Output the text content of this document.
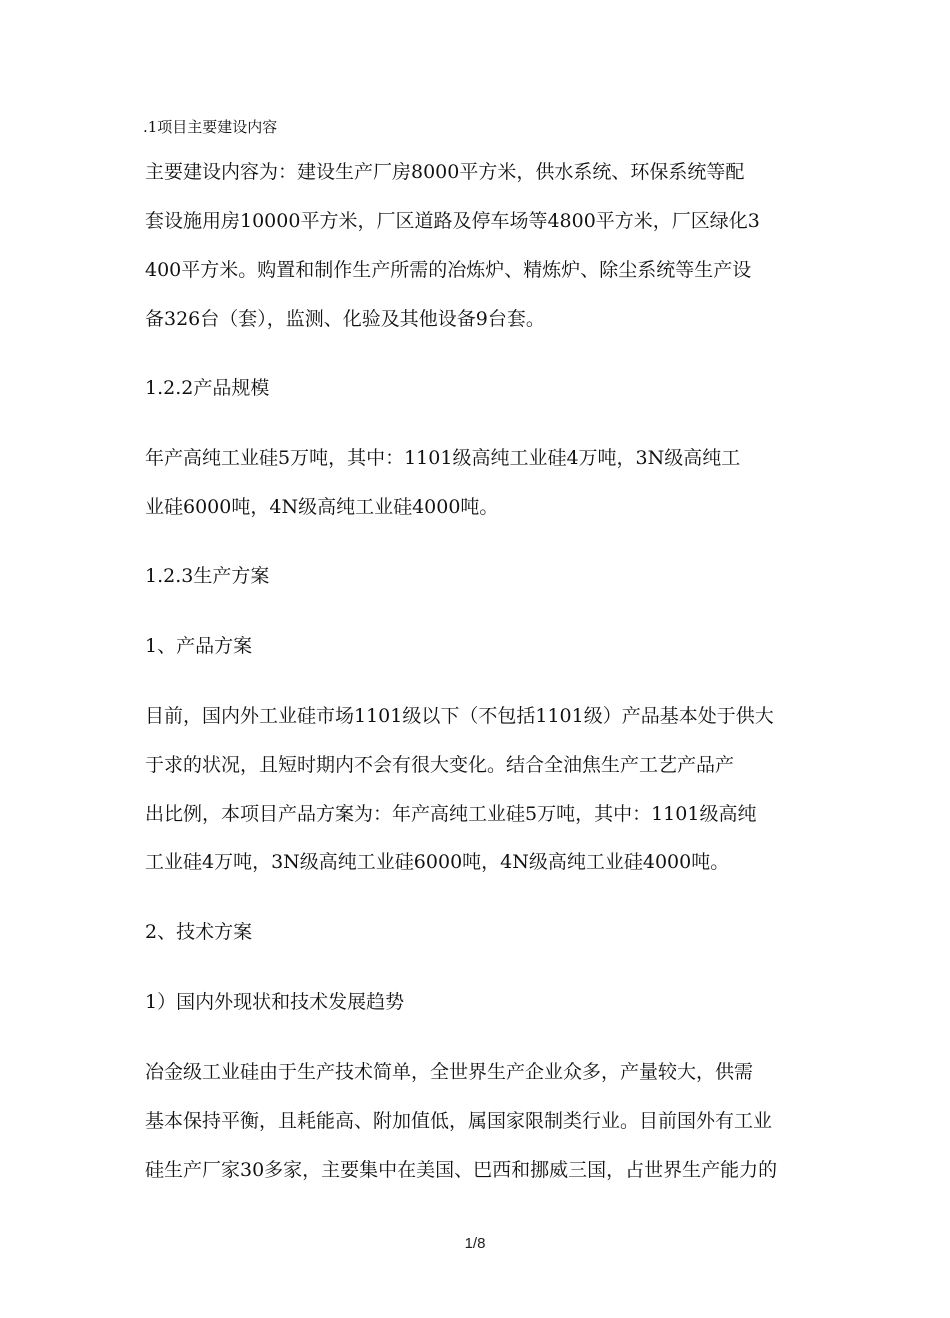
.1项目主要建设内容
主要建设内容为：建设生产厂房8000平方米，供水系统、环保系统等配
套设施用房10000平方米，厂区道路及停车场等4800平方米，厂区绿化3
400平方米。购置和制作生产所需的冶炼炉、精炼炉、除尘系统等生产设
备326台（套），监测、化验及其他设备9台套。
1.2.2产品规模
年产高纯工业硅5万吨，其中：1101级高纯工业硅4万吨，3N级高纯工
业硅6000吨，4N级高纯工业硅4000吨。
1.2.3生产方案
1、产品方案
目前，国内外工业硅市场1101级以下（不包括1101级）产品基本处于供大
于求的状况，且短时期内不会有很大变化。结合全油焦生产工艺产品产
出比例，本项目产品方案为：年产高纯工业硅5万吨，其中：1101级高纯
工业硅4万吨，3N级高纯工业硅6000吨，4N级高纯工业硅4000吨。
2、技术方案
1）国内外现状和技术发展趋势
冶金级工业硅由于生产技术简单，全世界生产企业众多，产量较大，供需
基本保持平衡，且耗能高、附加值低，属国家限制类行业。目前国外有工业
硅生产厂家30多家，主要集中在美国、巴西和挪威三国，占世界生产能力的
1/8
